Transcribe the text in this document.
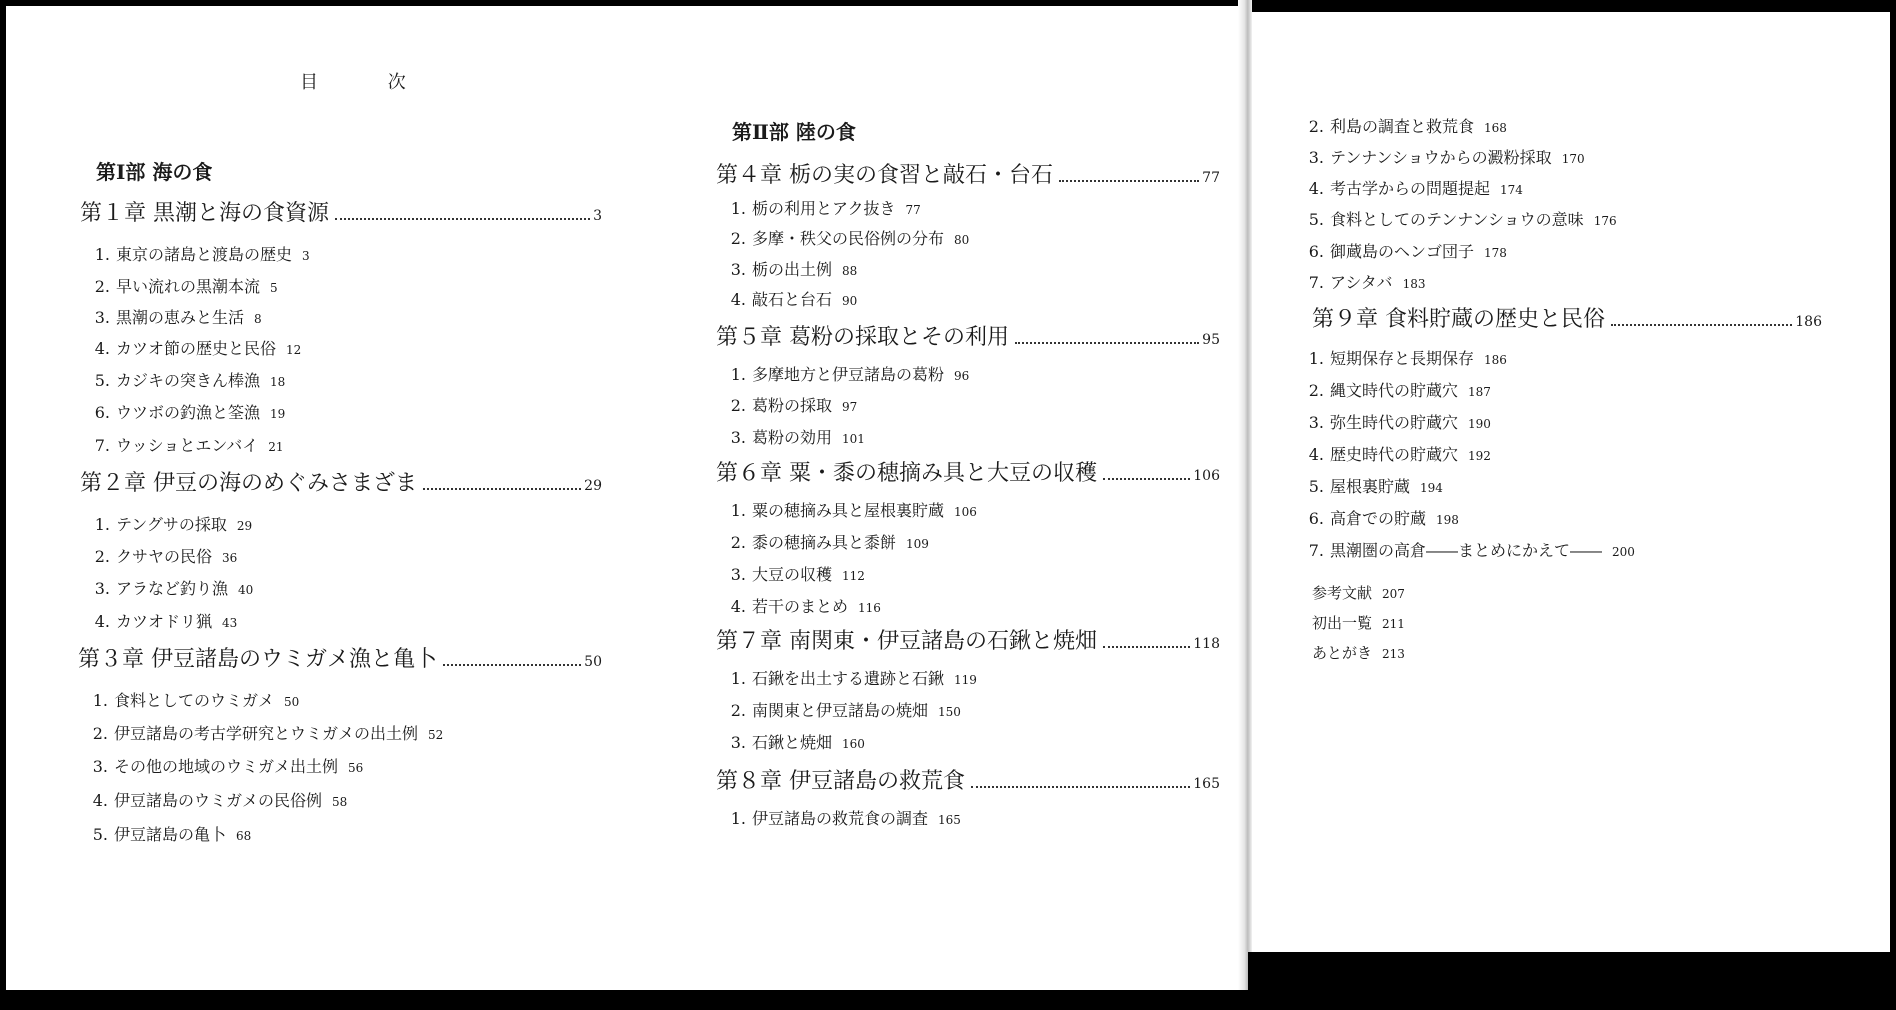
目 次
第Ⅰ部 海の食
第１章 黒潮と海の食資源	3
1. 東京の諸島と渡島の歴史 3
2. 早い流れの黒潮本流 5
3. 黒潮の恵みと生活 8
4. カツオ節の歴史と民俗 12
5. カジキの突きん棒漁 18
6. ウツボの釣漁と筌漁 19
7. ウッショとエンバイ 21
第２章 伊豆の海のめぐみさまざま	29
1. テングサの採取 29
2. クサヤの民俗 36
3. アラなど釣り漁 40
4. カツオドリ猟 43
第３章 伊豆諸島のウミガメ漁と亀卜	50
1. 食料としてのウミガメ 50
2. 伊豆諸島の考古学研究とウミガメの出土例 52
3. その他の地域のウミガメ出土例 56
4. 伊豆諸島のウミガメの民俗例 58
5. 伊豆諸島の亀卜 68
第Ⅱ部 陸の食
第４章 栃の実の食習と敲石・台石	77
1. 栃の利用とアク抜き 77
2. 多摩・秩父の民俗例の分布 80
3. 栃の出土例 88
4. 敲石と台石 90
第５章 葛粉の採取とその利用	95
1. 多摩地方と伊豆諸島の葛粉 96
2. 葛粉の採取 97
3. 葛粉の効用 101
第６章 粟・黍の穂摘み具と大豆の収穫	106
1. 粟の穂摘み具と屋根裏貯蔵 106
2. 黍の穂摘み具と黍餅 109
3. 大豆の収穫 112
4. 若干のまとめ 116
第７章 南関東・伊豆諸島の石鍬と焼畑	118
1. 石鍬を出土する遺跡と石鍬 119
2. 南関東と伊豆諸島の焼畑 150
3. 石鍬と焼畑 160
第８章 伊豆諸島の救荒食	165
1. 伊豆諸島の救荒食の調査 165
2. 利島の調査と救荒食 168
3. テンナンショウからの澱粉採取 170
4. 考古学からの問題提起 174
5. 食料としてのテンナンショウの意味 176
6. 御蔵島のヘンゴ団子 178
7. アシタバ 183
第９章 食料貯蔵の歴史と民俗	186
1. 短期保存と長期保存 186
2. 縄文時代の貯蔵穴 187
3. 弥生時代の貯蔵穴 190
4. 歴史時代の貯蔵穴 192
5. 屋根裏貯蔵 194
6. 高倉での貯蔵 198
7. 黒潮圏の高倉――まとめにかえて―― 200
参考文献 207
初出一覧 211
あとがき 213
